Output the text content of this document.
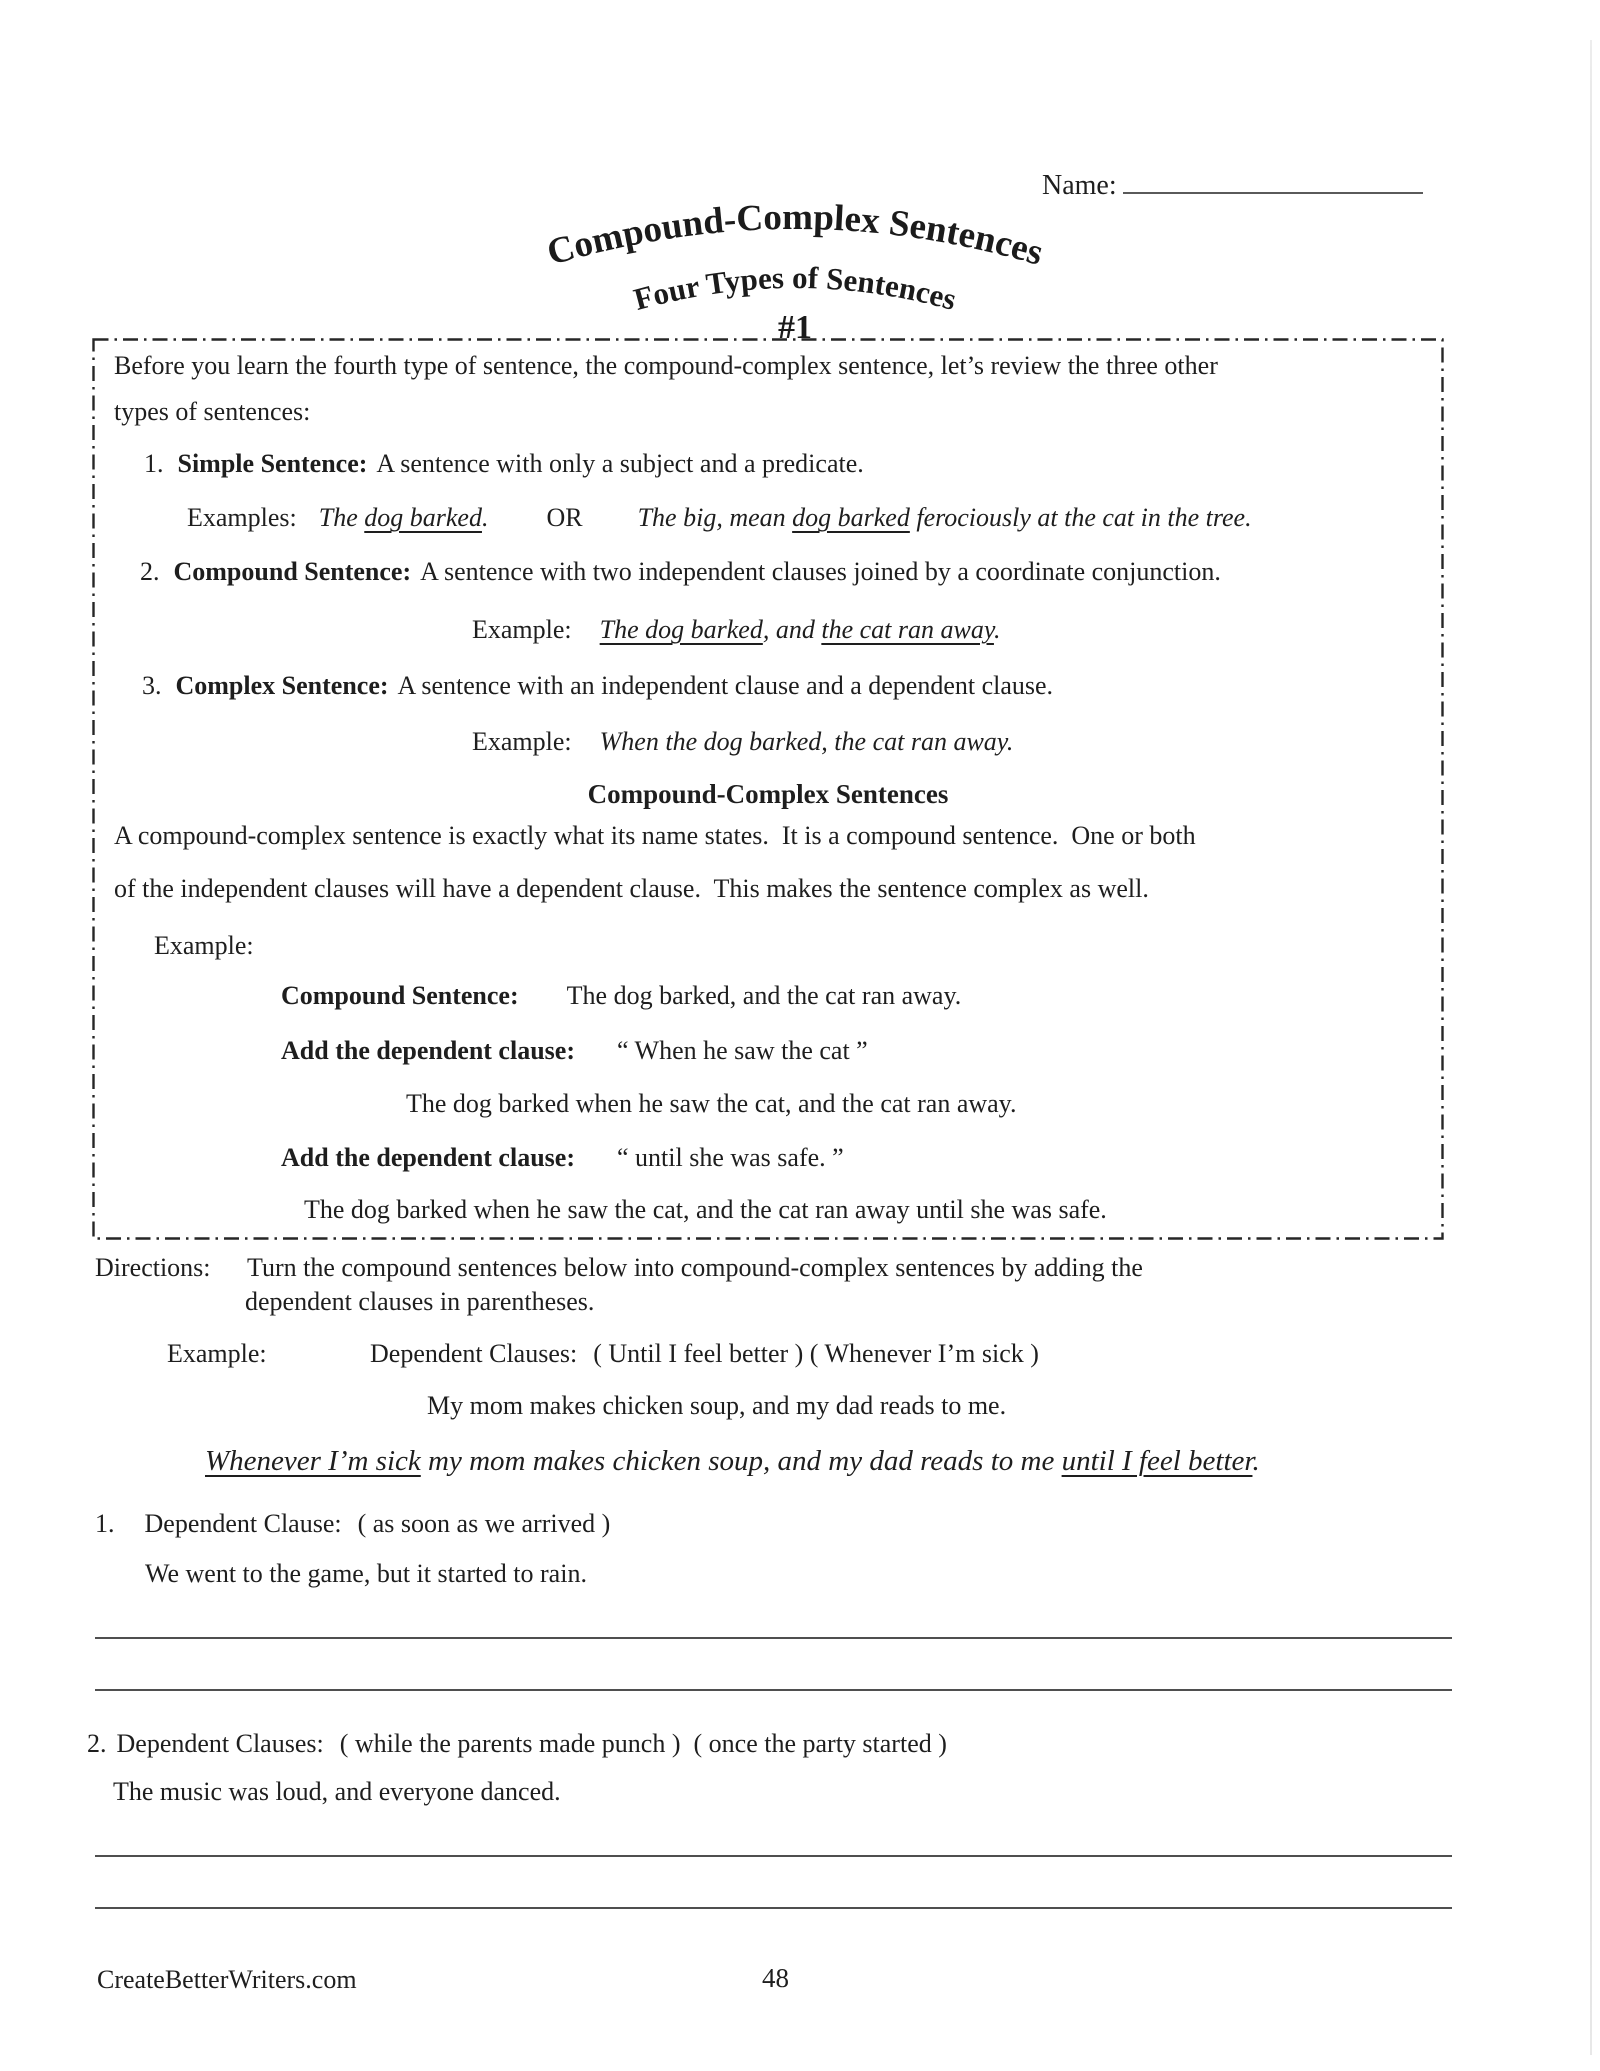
Name:
Compound-Complex Sentences
Four Types of Sentences
#1
Before you learn the fourth type of sentence, the compound-complex sentence, let’s review the three other
types of sentences:
1. Simple Sentence: A sentence with only a subject and a predicate.
Examples: The dog barked. OR The big, mean dog barked ferociously at the cat in the tree.
2. Compound Sentence: A sentence with two independent clauses joined by a coordinate conjunction.
Example: The dog barked, and the cat ran away.
3. Complex Sentence: A sentence with an independent clause and a dependent clause.
Example: When the dog barked, the cat ran away.
Compound-Complex Sentences
A compound-complex sentence is exactly what its name states.  It is a compound sentence.  One or both
of the independent clauses will have a dependent clause.  This makes the sentence complex as well.
Example:
Compound Sentence: The dog barked, and the cat ran away.
Add the dependent clause: “ When he saw the cat ”
The dog barked when he saw the cat, and the cat ran away.
Add the dependent clause: “ until she was safe. ”
The dog barked when he saw the cat, and the cat ran away until she was safe.
Directions: Turn the compound sentences below into compound-complex sentences by adding the
dependent clauses in parentheses.
Example:	Dependent Clauses: ( Until I feel better ) ( Whenever I’m sick )
My mom makes chicken soup, and my dad reads to me.
Whenever I’m sick my mom makes chicken soup, and my dad reads to me until I feel better.
1. Dependent Clause: ( as soon as we arrived )
We went to the game, but it started to rain.
2. Dependent Clauses: ( while the parents made punch )  ( once the party started )
The music was loud, and everyone danced.
CreateBetterWriters.com	48
